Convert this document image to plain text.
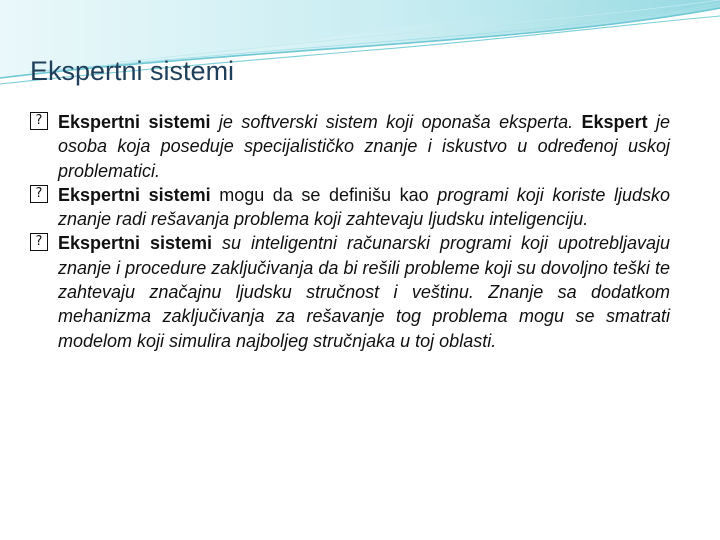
Ekspertni sistemi
? Ekspertni sistemi je softverski sistem koji oponaša eksperta. Ekspert je osoba koja poseduje specijalističko znanje i iskustvo u određenoj uskoj problematici.
? Ekspertni sistemi mogu da se definišu kao programi koji koriste ljudsko znanje radi rešavanja problema koji zahtevaju ljudsku inteligenciju.
? Ekspertni sistemi su inteligentni računarski programi koji upotrebljavaju znanje i procedure zaključivanja da bi rešili probleme koji su dovoljno teški te zahtevaju značajnu ljudsku stručnost i veštinu. Znanje sa dodatkom mehanizma zaključivanja za rešavanje tog problema mogu se smatrati modelom koji simulira najboljeg stručnjaka u toj oblasti.
